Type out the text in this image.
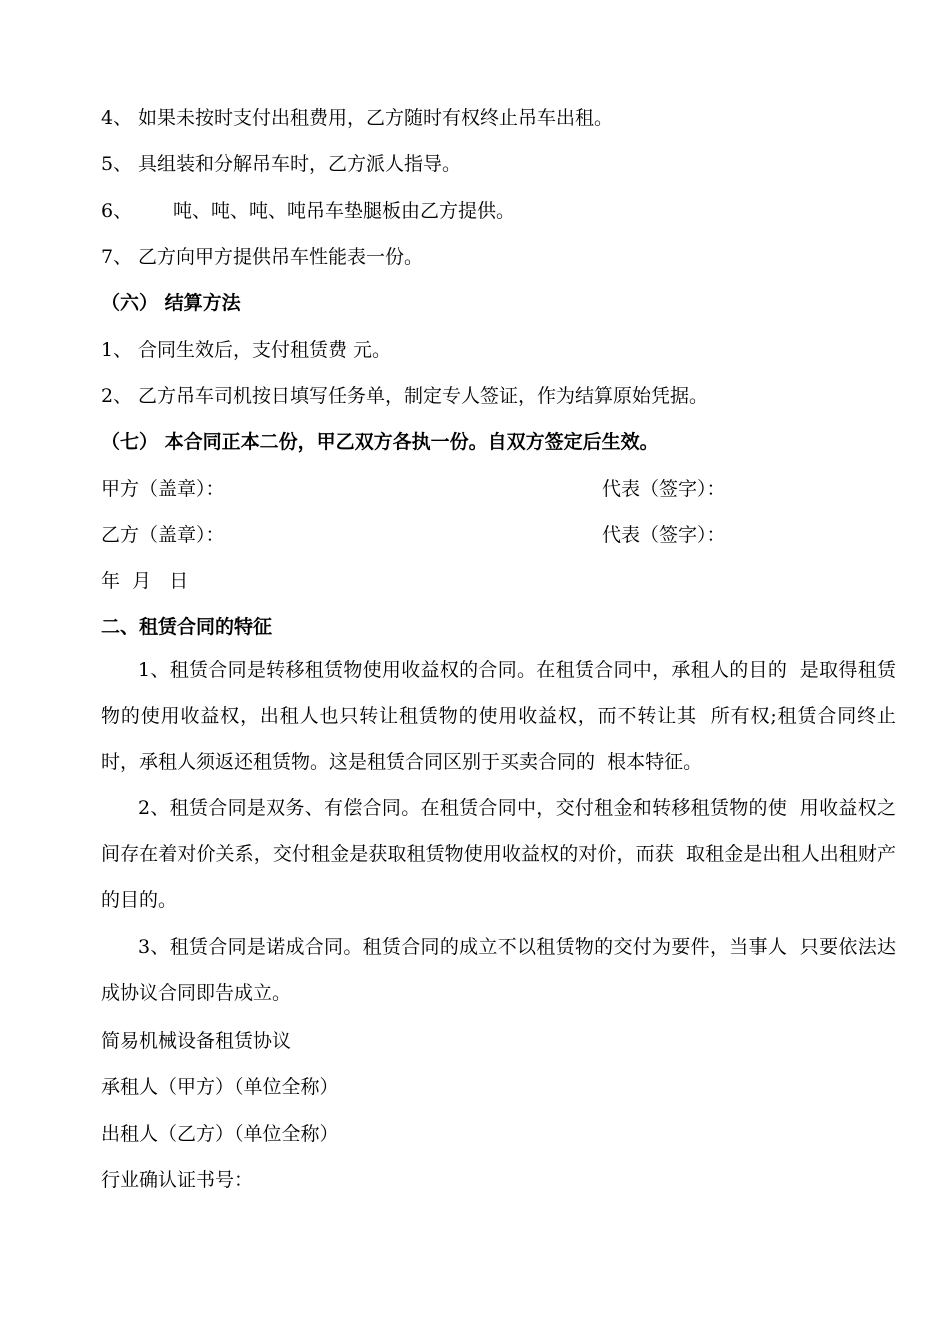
4、 如果未按时支付出租费用，乙方随时有权终止吊车出租。
5、 具组装和分解吊车时，乙方派人指导。
6、 吨、吨、吨、吨吊车垫腿板由乙方提供。
7、 乙方向甲方提供吊车性能表一份。
（六） 结算方法
1、 合同生效后，支付租赁费 元。
2、 乙方吊车司机按日填写任务单，制定专人签证，作为结算原始凭据。
（七） 本合同正本二份，甲乙双方各执一份。自双方签定后生效。
甲方（盖章）：	代表（签字）：
乙方（盖章）：	代表（签字）：
年  月   日
二、租赁合同的特征
1、租赁合同是转移租赁物使用收益权的合同。在租赁合同中，承租人的目的  是取得租赁物的使用收益权，出租人也只转让租赁物的使用收益权，而不转让其  所有权;租赁合同终止时，承租人须返还租赁物。这是租赁合同区别于买卖合同的  根本特征。
2、租赁合同是双务、有偿合同。在租赁合同中，交付租金和转移租赁物的使  用收益权之间存在着对价关系，交付租金是获取租赁物使用收益权的对价，而获  取租金是出租人出租财产的目的。
3、租赁合同是诺成合同。租赁合同的成立不以租赁物的交付为要件，当事人  只要依法达成协议合同即告成立。
简易机械设备租赁协议
承租人（甲方）（单位全称）
出租人（乙方）（单位全称）
行业确认证书号：
